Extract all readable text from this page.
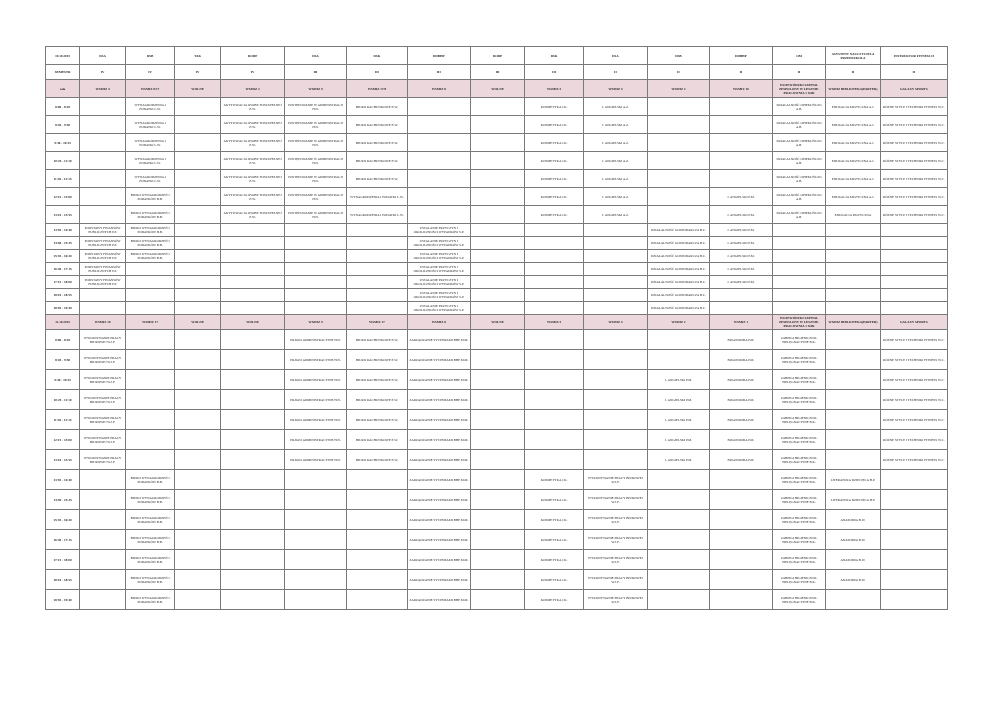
10.10.2015	DSA	DSB	TAK	DODP	DSA	DSK	DDBHP	DODP	DSK	DSA	DSB	DDBHP	OM	ASYSTENT NAUCZYCIELA PRZEDSZKOLA	INSTRUKTOR FITNESS II
SEMESTR	IV	IV	IV	IV	III	III	III	III	III	II	II	II	II	II	II
sala	WSMIZ 4	WSMIZ 8/17	WOLNE	WSMIZ 2	WSMIZ 9	WSMIZ 17/8	WSMIZ 8	WOLNE	WSMIZ 5	WSMIZ 4	WSMIZ 2	WSMIZ 10	WOJEWÓDZKI SZPITAL ZESPOLONY W LESZNIE- PRACOWNIA 1 SOR	WSMIZ BIBLIOTEKA(PARTER)	GALAXY SPORTS
8:00 - 8:45		WYNAGRODZENIA I PODATKI L.W.		AKTYWIZACJA OSOBY POSZUPEŁNEJ E.W.	POSTĘPOWANIE W ADMINISTRACJI H.N.	BIURO RACHUNKOWE E.W.			KOSMETYKA J.K.	J. ANGIELSKI A.Z.			DZIAŁALNOŚĆ OPIEKUŃCZO A.B.	EDUKACJA MUZYCZNA A.J.	RÓŻNE STYLE I TECHNIKI FITNESS W.C.
8:45 - 9:30		WYNAGRODZENIA I PODATKI L.W.		AKTYWIZACJA OSOBY POSZUPEŁNEJ E.W.	POSTĘPOWANIE W ADMINISTRACJI H.N.	BIURO RACHUNKOWE E.W.			KOSMETYKA J.K.	J. ANGIELSKI A.Z.			DZIAŁALNOŚĆ OPIEKUŃCZO A.B.	EDUKACJA MUZYCZNA A.J.	RÓŻNE STYLE I TECHNIKI FITNESS W.C.
9:40 - 10:25		WYNAGRODZENIA I PODATKI L.W.		AKTYWIZACJA OSOBY POSZUPEŁNEJ E.W.	POSTĘPOWANIE W ADMINISTRACJI H.N.	BIURO RACHUNKOWE E.W.			KOSMETYKA J.K.	J. ANGIELSKI A.Z.			DZIAŁALNOŚĆ OPIEKUŃCZO A.B.	EDUKACJA MUZYCZNA A.J.	RÓŻNE STYLE I TECHNIKI FITNESS W.C.
10:25 - 11:10		WYNAGRODZENIA I PODATKI L.W.		AKTYWIZACJA OSOBY POSZUPEŁNEJ E.W.	POSTĘPOWANIE W ADMINISTRACJI H.N.	BIURO RACHUNKOWE E.W.			KOSMETYKA J.K.	J. ANGIELSKI A.Z.			DZIAŁALNOŚĆ OPIEKUŃCZO A.B.	EDUKACJA MUZYCZNA A.J.	RÓŻNE STYLE I TECHNIKI FITNESS W.C.
11:30 - 12:15		WYNAGRODZENIA I PODATKI L.W.		AKTYWIZACJA OSOBY POSZUPEŁNEJ E.W.	POSTĘPOWANIE W ADMINISTRACJI H.N.	BIURO RACHUNKOWE E.W.			KOSMETYKA J.K.	J. ANGIELSKI A.Z.			DZIAŁALNOŚĆ OPIEKUŃCZO A.B.	EDUKACJA MUZYCZNA A.J.	RÓŻNE STYLE I TECHNIKI FITNESS W.C.
12:15 - 13:00		BIURO WYNAGRODZEŃ I PODATKÓW B.B.		AKTYWIZACJA OSOBY POSZUPEŁNEJ E.W.	POSTĘPOWANIE W ADMINISTRACJI H.N.	WYNAGRODZENIA I PODATKI L.W.			KOSMETYKA J.K.	J. ANGIELSKI A.Z.		J. ANGIELSKI P.M.	DZIAŁALNOŚĆ OPIEKUŃCZO A.B.	EDUKACJA MUZYCZNA A.J.	RÓŻNE STYLE I TECHNIKI FITNESS W.C.
13:10 - 13:55		BIURO WYNAGRODZEŃ I PODATKÓW B.B.		AKTYWIZACJA OSOBY POSZUPEŁNEJ E.W.	POSTĘPOWANIE W ADMINISTRACJI H.N.	WYNAGRODZENIA I PODATKI L.W.			KOSMETYKA J.K.	J. ANGIELSKI A.Z.		J. ANGIELSKI P.M.	DZIAŁALNOŚĆ OPIEKUŃCZO A.B.	EDUKACJA MUZYCZNA	RÓŻNE STYLE I TECHNIKI FITNESS W.C.
13:55 - 14:40	PODSTAWY FINANSÓW PUBLICZNYCH P.P.	BIURO WYNAGRODZEŃ I PODATKÓW B.B.					USTALANIE PRZYCZYN I OKOLICZNOŚCI WYPADKÓW S.P.				DZIAŁALNOŚĆ GOSPODARCZA B.C.	J. ANGIELSKI P.M.			
14:50 - 15:35	PODSTAWY FINANSÓW PUBLICZNYCH P.P.	BIURO WYNAGRODZEŃ I PODATKÓW B.B.					USTALANIE PRZYCZYN I OKOLICZNOŚCI WYPADKÓW S.P.				DZIAŁALNOŚĆ GOSPODARCZA B.C.	J. ANGIELSKI P.M.			
15:35 - 16:20	PODSTAWY FINANSÓW PUBLICZNYCH P.P.	BIURO WYNAGRODZEŃ I PODATKÓW B.B.					USTALANIE PRZYCZYN I OKOLICZNOŚCI WYPADKÓW S.P.				DZIAŁALNOŚĆ GOSPODARCZA B.C.	J. ANGIELSKI P.M.			
16:30 - 17:15	PODSTAWY FINANSÓW PUBLICZNYCH P.P.						USTALANIE PRZYCZYN I OKOLICZNOŚCI WYPADKÓW S.P.				DZIAŁALNOŚĆ GOSPODARCZA B.C.	J. ANGIELSKI P.M.			
17:15 - 18:00	PODSTAWY FINANSÓW PUBLICZNYCH P.P.						USTALANIE PRZYCZYN I OKOLICZNOŚCI WYPADKÓW S.P.				DZIAŁALNOŚĆ GOSPODARCZA B.C.	J. ANGIELSKI P.M.			
18:10 - 18:55							USTALANIE PRZYCZYN I OKOLICZNOŚCI WYPADKÓW S.P.				DZIAŁALNOŚĆ GOSPODARCZA B.C.				
18:55 - 19:40							USTALANIE PRZYCZYN I OKOLICZNOŚCI WYPADKÓW S.P.				DZIAŁALNOŚĆ GOSPODARCZA B.C.				
11.10.2015	WSMIZ 10	WSMIZ 17	WOLNE	WOLNE	WSMIZ 9	WSMIZ 17	WSMIZ 8	WOLNE	WSMIZ 5	WSMIZ 4	WSMIZ 2	WSMIZ 1	WOJEWÓDZKI SZPITAL ZESPOLONY W LESZNIE- PRACOWNIA 1 SOR	WSMIZ BIBLIOTEKA(PARTER)	GALAXY SPORTS
8:00 - 8:45	WYKONYWANIE PRACY BIUROWEJ W.J.F.				PRAWO ADMINISTRACYJNE H.N.	BIURO RACHUNKOWE E.W.	ZARZĄDZANIE SYSTEMAMI BHP M.M.					ERGONOMIA P.M.	ZABIEGI HIGIENICZNO-PIELĘGNACYJNE B.K.		RÓŻNE STYLE I TECHNIKI FITNESS W.C.
8:45 - 9:30	WYKONYWANIE PRACY BIUROWEJ W.J.F.				PRAWO ADMINISTRACYJNE H.N.	BIURO RACHUNKOWE E.W.	ZARZĄDZANIE SYSTEMAMI BHP M.M.					ERGONOMIA P.M.	ZABIEGI HIGIENICZNO-PIELĘGNACYJNE B.K.		RÓŻNE STYLE I TECHNIKI FITNESS W.C.
9:40 - 10:25	WYKONYWANIE PRACY BIUROWEJ W.J.F.				PRAWO ADMINISTRACYJNE H.N.	BIURO RACHUNKOWE E.W.	ZARZĄDZANIE SYSTEMAMI BHP M.M.				J. ANGIELSKI P.M.	ERGONOMIA P.M.	ZABIEGI HIGIENICZNO-PIELĘGNACYJNE B.K.		RÓŻNE STYLE I TECHNIKI FITNESS W.C.
10:25 - 11:10	WYKONYWANIE PRACY BIUROWEJ W.J.F.				PRAWO ADMINISTRACYJNE H.N.	BIURO RACHUNKOWE E.W.	ZARZĄDZANIE SYSTEMAMI BHP M.M.				J. ANGIELSKI P.M.	ERGONOMIA P.M.	ZABIEGI HIGIENICZNO-PIELĘGNACYJNE B.K.		RÓŻNE STYLE I TECHNIKI FITNESS W.C.
11:30 - 12:15	WYKONYWANIE PRACY BIUROWEJ W.J.F.				PRAWO ADMINISTRACYJNE H.N.	BIURO RACHUNKOWE E.W.	ZARZĄDZANIE SYSTEMAMI BHP M.M.				J. ANGIELSKI P.M.	ERGONOMIA P.M.	ZABIEGI HIGIENICZNO-PIELĘGNACYJNE B.K.		RÓŻNE STYLE I TECHNIKI FITNESS W.C.
12:15 - 13:00	WYKONYWANIE PRACY BIUROWEJ W.J.F.				PRAWO ADMINISTRACYJNE H.N.	BIURO RACHUNKOWE E.W.	ZARZĄDZANIE SYSTEMAMI BHP M.M.				J. ANGIELSKI P.M.	ERGONOMIA P.M.	ZABIEGI HIGIENICZNO-PIELĘGNACYJNE B.K.		RÓŻNE STYLE I TECHNIKI FITNESS W.C.
13:10 - 13:55	WYKONYWANIE PRACY BIUROWEJ W.J.F.				PRAWO ADMINISTRACYJNE H.N.	BIURO RACHUNKOWE E.W.	ZARZĄDZANIE SYSTEMAMI BHP M.M.				J. ANGIELSKI P.M.	ERGONOMIA P.M.	ZABIEGI HIGIENICZNO-PIELĘGNACYJNE B.K.		RÓŻNE STYLE I TECHNIKI FITNESS W.C.
13:55 - 14:40		BIURO WYNAGRODZEŃ I PODATKÓW B.B.					ZARZĄDZANIE SYSTEMAMI BHP M.M.		KOSMETYKA J.K.	WYKONYWANIE PRACY BIUROWEJ W.J.F.			ZABIEGI HIGIENICZNO-PIELĘGNACYJNE B.K.	LITERATURA DZIECIĘCA H.P.	
14:50 - 15:35		BIURO WYNAGRODZEŃ I PODATKÓW B.B.					ZARZĄDZANIE SYSTEMAMI BHP M.M.		KOSMETYKA J.K.	WYKONYWANIE PRACY BIUROWEJ W.J.F.			ZABIEGI HIGIENICZNO-PIELĘGNACYJNE B.K.	LITERATURA DZIECIĘCA H.P.	
15:35 - 16:20		BIURO WYNAGRODZEŃ I PODATKÓW B.B.					ZARZĄDZANIE SYSTEMAMI BHP M.M.		KOSMETYKA J.K.	WYKONYWANIE PRACY BIUROWEJ W.J.F.			ZABIEGI HIGIENICZNO-PIELĘGNACYJNE B.K.	ANATOMIA B.W.	
16:30 - 17:15		BIURO WYNAGRODZEŃ I PODATKÓW B.B.					ZARZĄDZANIE SYSTEMAMI BHP M.M.		KOSMETYKA J.K.	WYKONYWANIE PRACY BIUROWEJ W.J.F.			ZABIEGI HIGIENICZNO-PIELĘGNACYJNE B.K.	ANATOMIA B.W.	
17:15 - 18:00		BIURO WYNAGRODZEŃ I PODATKÓW B.B.					ZARZĄDZANIE SYSTEMAMI BHP M.M.		KOSMETYKA J.K.	WYKONYWANIE PRACY BIUROWEJ W.J.F.			ZABIEGI HIGIENICZNO-PIELĘGNACYJNE B.K.	ANATOMIA B.W.	
18:10 - 18:55		BIURO WYNAGRODZEŃ I PODATKÓW B.B.					ZARZĄDZANIE SYSTEMAMI BHP M.M.		KOSMETYKA J.K.	WYKONYWANIE PRACY BIUROWEJ W.J.F.			ZABIEGI HIGIENICZNO-PIELĘGNACYJNE B.K.	ANATOMIA B.W.	
18:55 - 19:40		BIURO WYNAGRODZEŃ I PODATKÓW B.B.					ZARZĄDZANIE SYSTEMAMI BHP M.M.		KOSMETYKA J.K.	WYKONYWANIE PRACY BIUROWEJ W.J.F.			ZABIEGI HIGIENICZNO-PIELĘGNACYJNE B.K.		
